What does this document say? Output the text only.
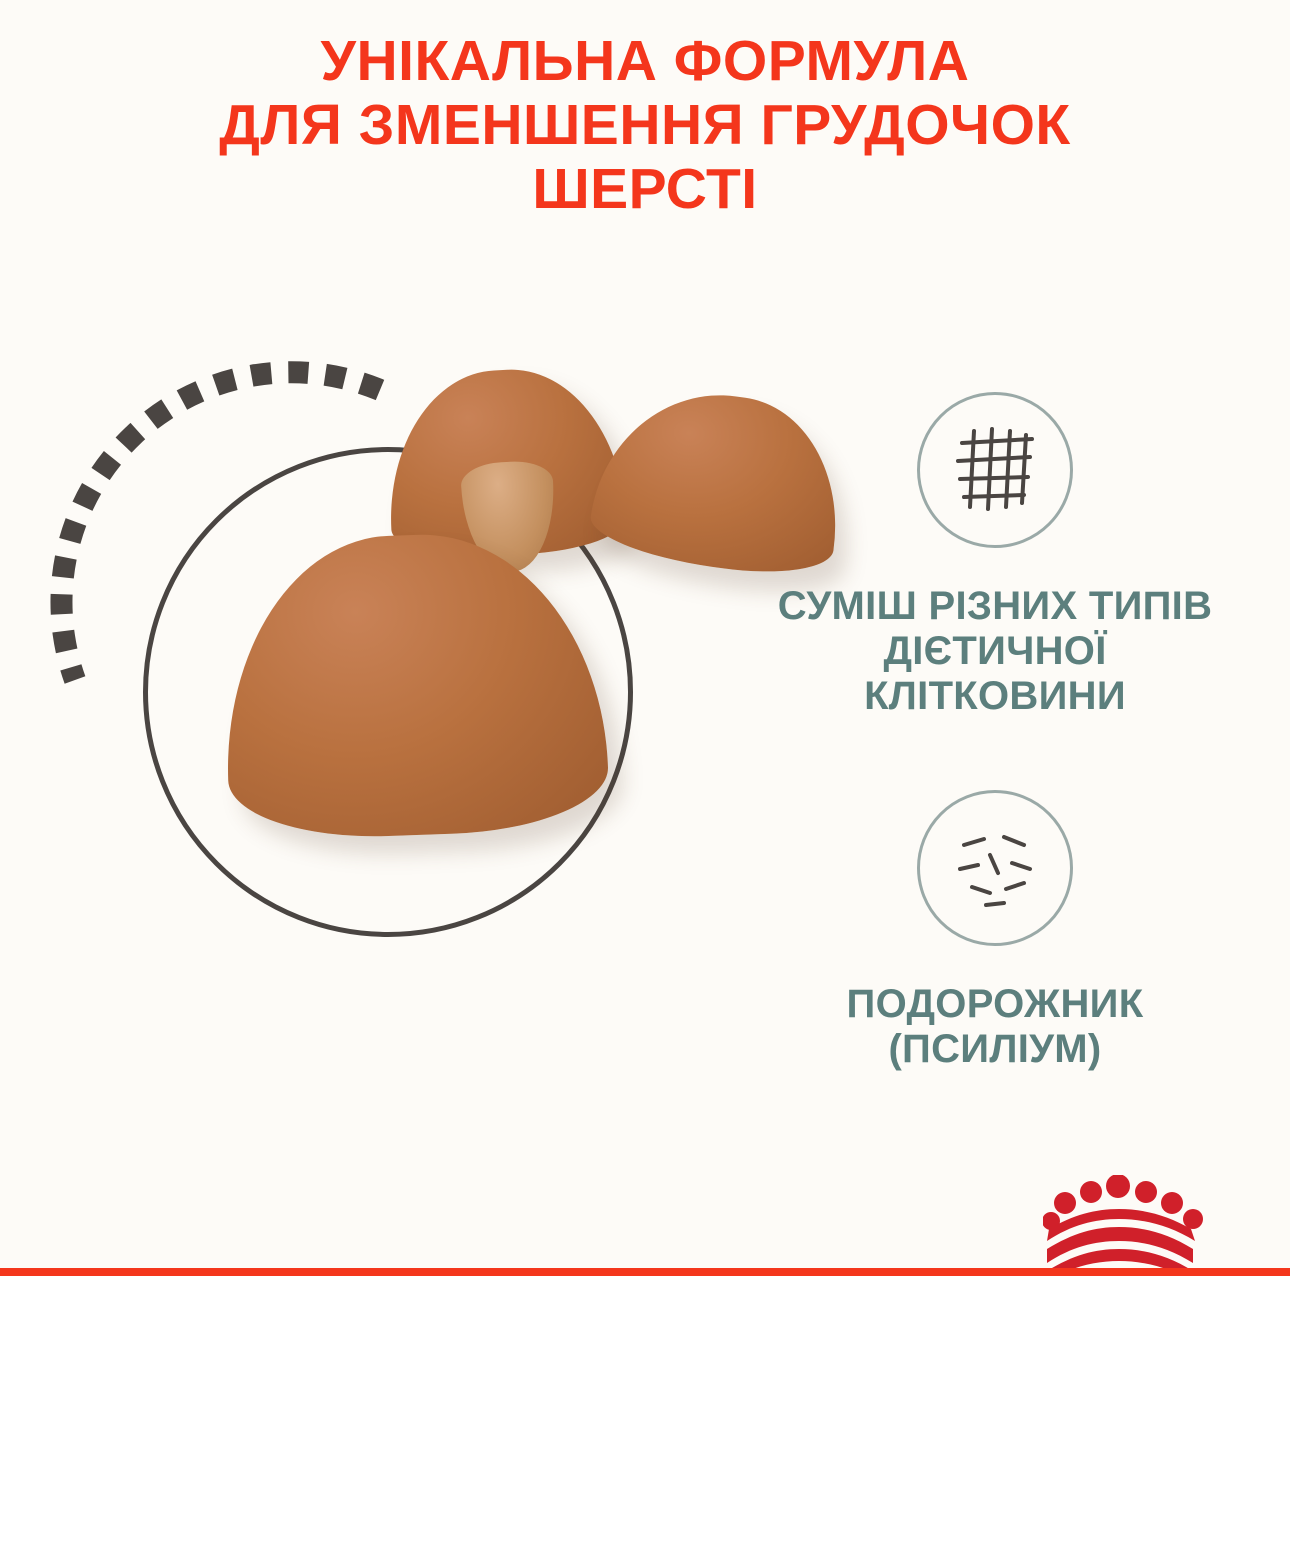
УНІКАЛЬНА ФОРМУЛА
ДЛЯ ЗМЕНШЕННЯ ГРУДОЧОК
ШЕРСТІ
СУМІШ РІЗНИХ ТИПІВ
ДІЄТИЧНОЇ
КЛІТКОВИНИ
ПОДОРОЖНИК
(ПСИЛІУМ)
